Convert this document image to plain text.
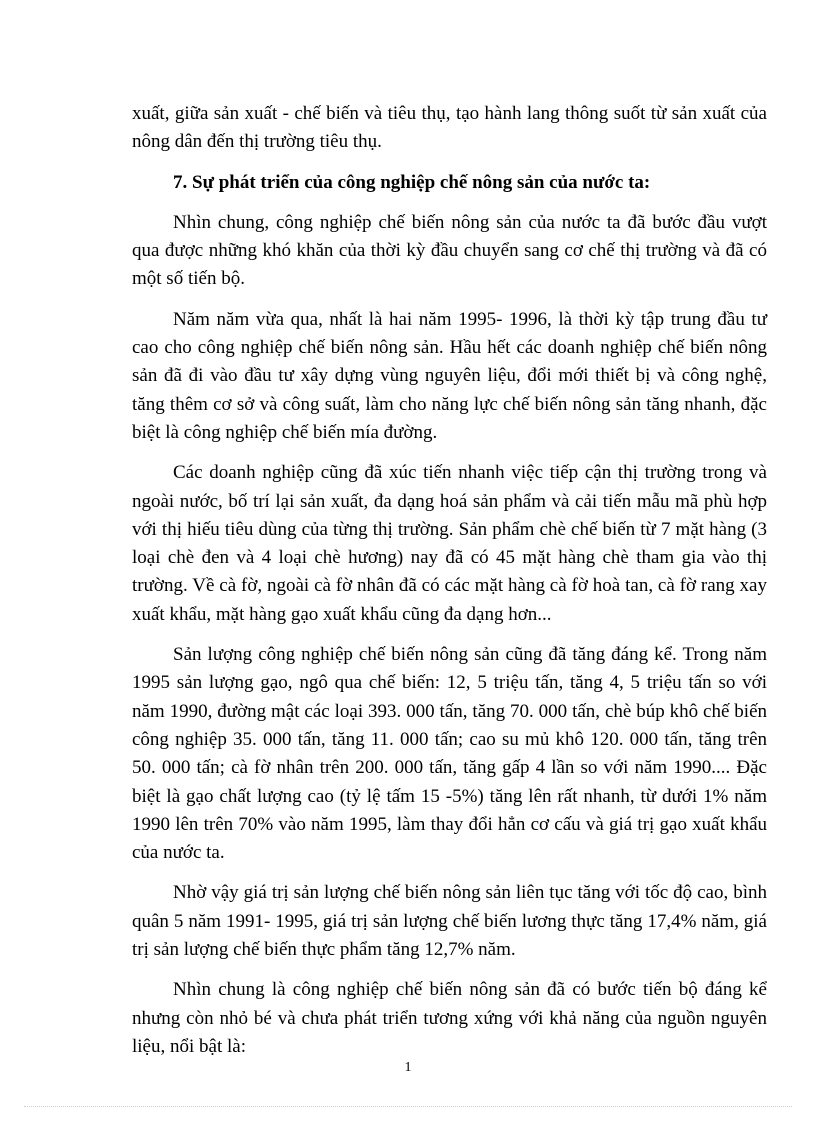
xuất, giữa sản xuất - chế biến và tiêu thụ, tạo hành lang thông suốt từ sản xuất của nông dân đến thị trường tiêu thụ.

7. Sự phát triển của công nghiệp chế nông sản của nước ta:

Nhìn chung, công nghiệp chế biến nông sản của nước ta đã bước đầu vượt qua được những khó khăn của thời kỳ đầu chuyển sang cơ chế thị trường và đã có một số tiến bộ.

Năm năm vừa qua, nhất là hai năm 1995- 1996, là thời kỳ tập trung đầu tư cao cho công nghiệp chế biến nông sản. Hầu hết các doanh nghiệp chế biến nông sản đã đi vào đầu tư xây dựng vùng nguyên liệu, đổi mới thiết bị và công nghệ, tăng thêm cơ sở và công suất, làm cho năng lực chế biến nông sản tăng nhanh, đặc biệt là công nghiệp chế biến mía đường.

Các doanh nghiệp cũng đã xúc tiến nhanh việc tiếp cận thị trường trong và ngoài nước, bố trí lại sản xuất, đa dạng hoá sản phẩm và cải tiến mẫu mã phù hợp với thị hiếu tiêu dùng của từng thị trường. Sản phẩm chè chế biến từ 7 mặt hàng (3 loại chè đen và 4 loại chè hương) nay đã có 45 mặt hàng chè tham gia vào thị trường. Về cà fờ, ngoài cà fờ nhân đã có các mặt hàng cà fờ hoà tan, cà fờ rang xay xuất khẩu, mặt hàng gạo xuất khẩu cũng đa dạng hơn...

Sản lượng công nghiệp chế biến nông sản cũng đã tăng đáng kể. Trong năm 1995 sản lượng gạo, ngô qua chế biến: 12, 5 triệu tấn, tăng 4, 5 triệu tấn so với năm 1990, đường mật các loại 393. 000 tấn, tăng 70. 000 tấn, chè búp khô chế biến công nghiệp 35. 000 tấn, tăng 11. 000 tấn; cao su mủ khô 120. 000 tấn, tăng trên 50. 000 tấn; cà fờ nhân trên 200. 000 tấn, tăng gấp 4 lần so với năm 1990.... Đặc biệt là gạo chất lượng cao (tỷ lệ tấm 15 -5%) tăng lên rất nhanh, từ dưới 1% năm 1990 lên trên 70% vào năm 1995, làm thay đổi hẳn cơ cấu và giá trị gạo xuất khẩu của nước ta.

Nhờ vậy giá trị sản lượng chế biến nông sản liên tục tăng với tốc độ cao, bình quân 5 năm 1991- 1995, giá trị sản lượng chế biến lương thực tăng 17,4% năm, giá trị sản lượng chế biến thực phẩm tăng 12,7% năm.

Nhìn chung là công nghiệp chế biến nông sản đã có bước tiến bộ đáng kể nhưng còn nhỏ bé và chưa phát triển tương xứng với khả năng của nguồn nguyên liệu, nổi bật là:

1
